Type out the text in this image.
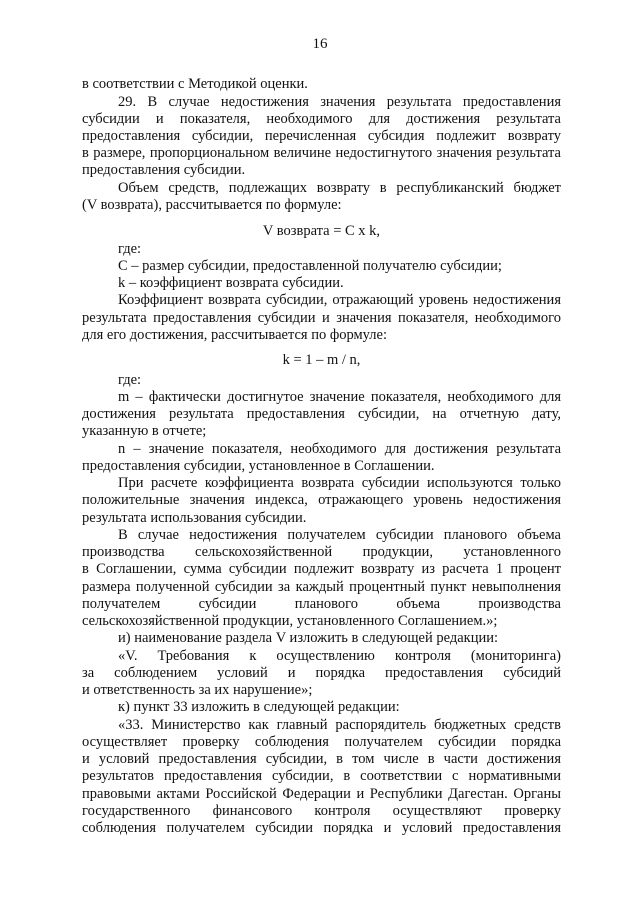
16
в соответствии с Методикой оценки.
29. В случае недостижения значения результата предоставления
субсидии и показателя, необходимого для достижения результата
предоставления субсидии, перечисленная субсидия подлежит возврату
в размере, пропорциональном величине недостигнутого значения результата
предоставления субсидии.
Объем средств, подлежащих возврату в республиканский бюджет
(V возврата), рассчитывается по формуле:
V возврата = C x k,
где:
С – размер субсидии, предоставленной получателю субсидии;
k – коэффициент возврата субсидии.
Коэффициент возврата субсидии, отражающий уровень недостижения
результата предоставления субсидии и значения показателя, необходимого
для его достижения, рассчитывается по формуле:
k = 1 – m / n,
где:
m – фактически достигнутое значение показателя, необходимого для
достижения результата предоставления субсидии, на отчетную дату,
указанную в отчете;
n – значение показателя, необходимого для достижения результата
предоставления субсидии, установленное в Соглашении.
При расчете коэффициента возврата субсидии используются только
положительные значения индекса, отражающего уровень недостижения
результата использования субсидии.
В случае недостижения получателем субсидии планового объема
производства сельскохозяйственной продукции, установленного
в Соглашении, сумма субсидии подлежит возврату из расчета 1 процент
размера полученной субсидии за каждый процентный пункт невыполнения
получателем субсидии планового объема производства
сельскохозяйственной продукции, установленного Соглашением.»;
и) наименование раздела V изложить в следующей редакции:
«V. Требования к осуществлению контроля (мониторинга)
за соблюдением условий и порядка предоставления субсидий
и ответственность за их нарушение»;
к) пункт 33 изложить в следующей редакции:
«33. Министерство как главный распорядитель бюджетных средств
осуществляет проверку соблюдения получателем субсидии порядка
и условий предоставления субсидии, в том числе в части достижения
результатов предоставления субсидии, в соответствии с нормативными
правовыми актами Российской Федерации и Республики Дагестан. Органы
государственного финансового контроля осуществляют проверку
соблюдения получателем субсидии порядка и условий предоставления
